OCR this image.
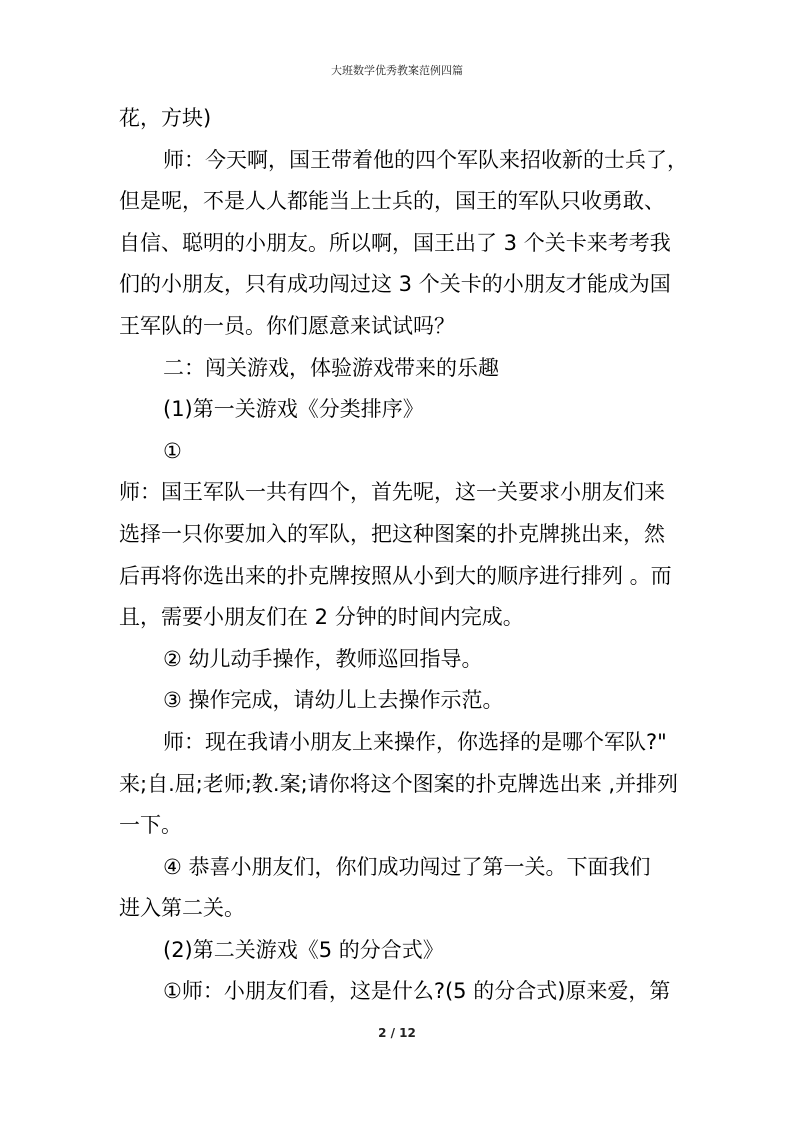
大班数学优秀教案范例四篇
花，方块)
师：今天啊，国王带着他的四个军队来招收新的士兵了，
但是呢，不是人人都能当上士兵的，国王的军队只收勇敢、
自信、聪明的小朋友。所以啊，国王出了 3 个关卡来考考我
们的小朋友，只有成功闯过这 3 个关卡的小朋友才能成为国
王军队的一员。你们愿意来试试吗？
二：闯关游戏，体验游戏带来的乐趣
(1)第一关游戏《分类排序》
①
师：国王军队一共有四个，首先呢，这一关要求小朋友们来
选择一只你要加入的军队，把这种图案的扑克牌挑出来，然
后再将你选出来的扑克牌按照从小到大的顺序进行排列 。而
且，需要小朋友们在 2 分钟的时间内完成。
② 幼儿动手操作，教师巡回指导。
③ 操作完成，请幼儿上去操作示范。
师：现在我请小朋友上来操作，你选择的是哪个军队?"
来;自.屈;老师;教.案;请你将这个图案的扑克牌选出来 ,并排列
一下。
④ 恭喜小朋友们，你们成功闯过了第一关。下面我们
进入第二关。
(2)第二关游戏《5 的分合式》
①师：小朋友们看，这是什么?(5 的分合式)原来爱，第
2 / 12
